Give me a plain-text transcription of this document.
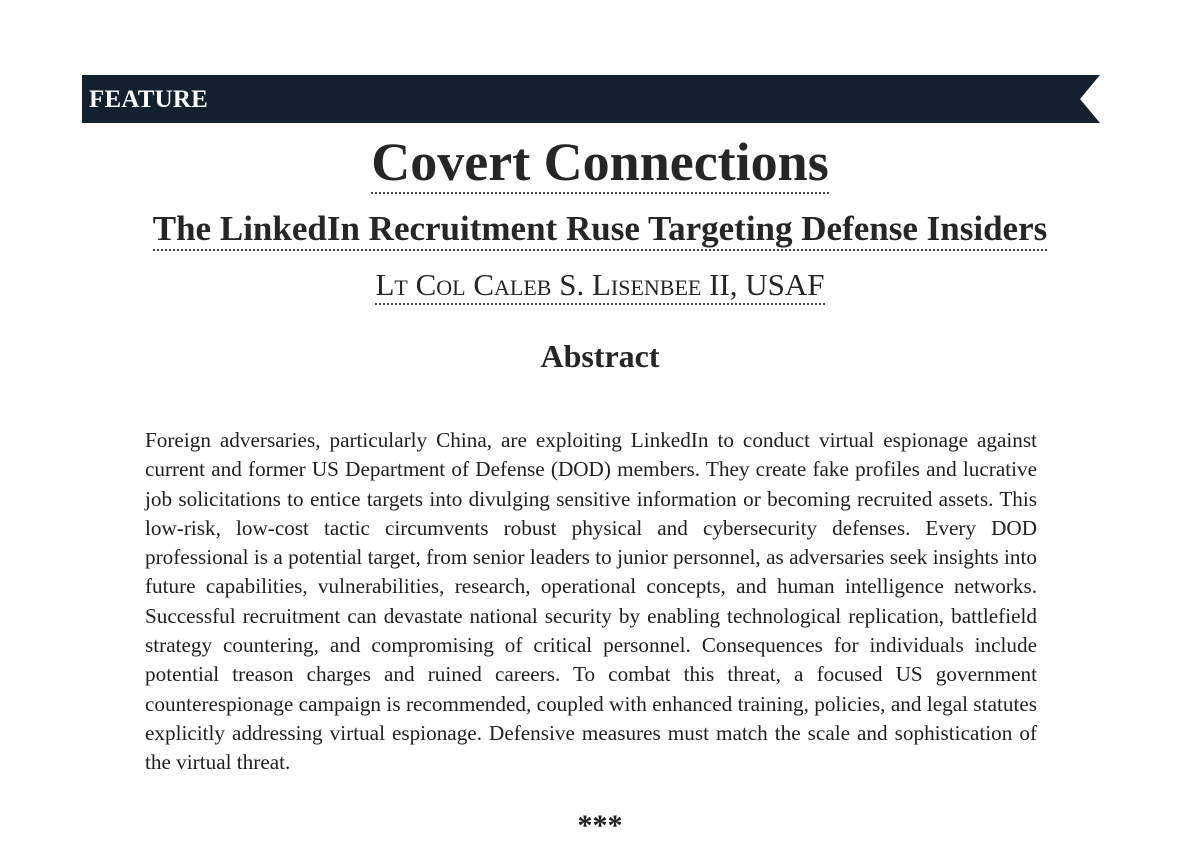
FEATURE
Covert Connections
The LinkedIn Recruitment Ruse Targeting Defense Insiders
Lt Col Caleb S. Lisenbee II, USAF
Abstract

Foreign adversaries, particularly China, are exploiting LinkedIn to conduct virtual espionage against current and former US Department of Defense (DOD) members. They create fake profiles and lucrative job solicitations to entice targets into divulging sensitive information or becoming recruited assets. This low-risk, low-cost tactic circumvents robust physical and cybersecurity defenses. Every DOD professional is a potential target, from senior leaders to junior personnel, as adversaries seek insights into future capabilities, vulnerabilities, research, operational concepts, and human intelligence networks. Successful recruitment can devastate national security by enabling technological replication, battlefield strategy countering, and compromising of critical personnel. Consequences for individuals include potential treason charges and ruined careers. To combat this threat, a focused US government counterespionage campaign is recommended, coupled with enhanced training, policies, and legal statutes explicitly addressing virtual espionage. Defensive measures must match the scale and sophistication of the virtual threat.

***
